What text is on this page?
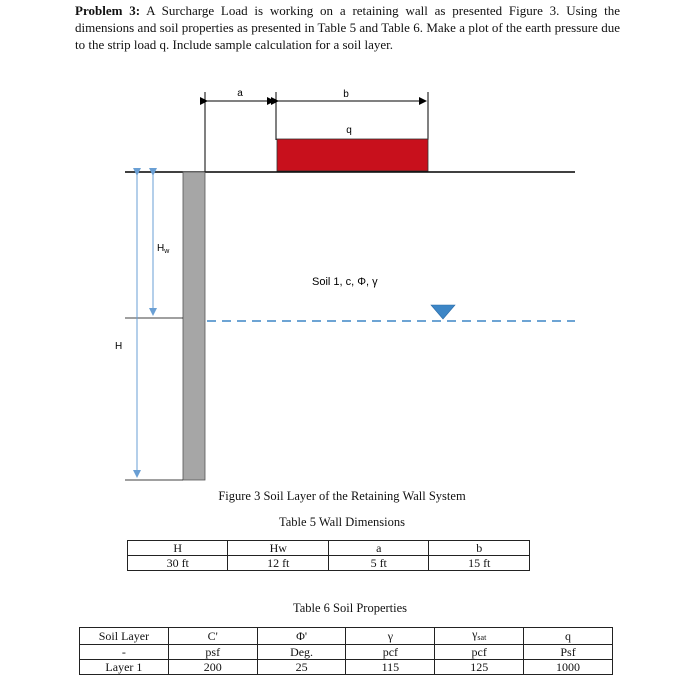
Problem 3: A Surcharge Load is working on a retaining wall as presented Figure 3. Using the dimensions and soil properties as presented in Table 5 and Table 6. Make a plot of the earth pressure due to the strip load q. Include sample calculation for a soil layer.
a	b
q
$H_w$
H
Soil 1, c, Φ, γ
Figure 3 Soil Layer of the Retaining Wall System
Table 5 Wall Dimensions
H	Hw	a	b
30 ft	12 ft	5 ft	15 ft
Table 6 Soil Properties
Soil Layer	C'	Φ'	γ	$\gamma_{sat}$	q
-	psf	Deg.	pcf	pcf	Psf
Layer 1	200	25	115	125	1000
